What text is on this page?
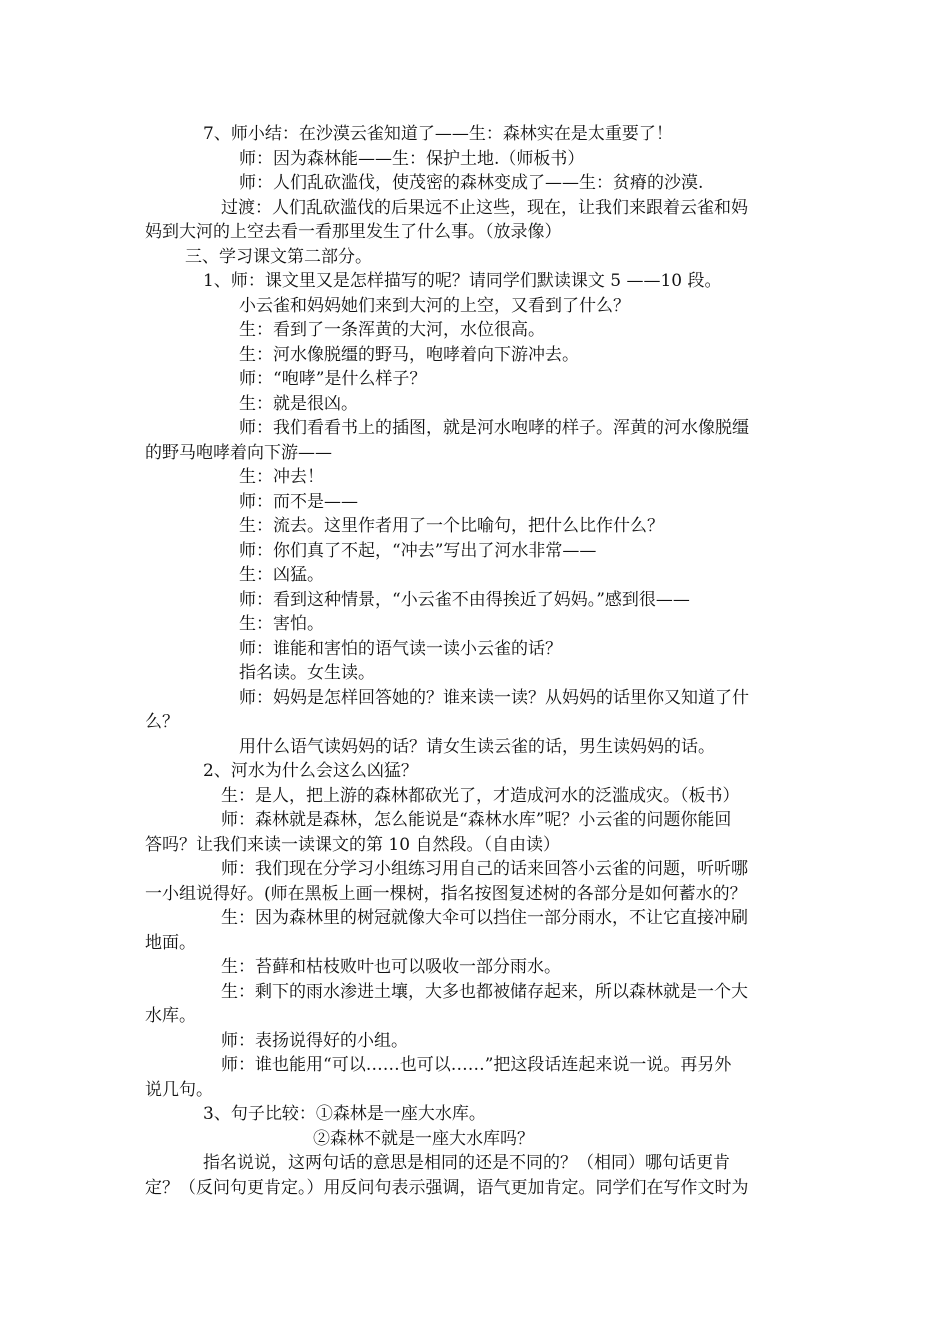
7、师小结：在沙漠云雀知道了——生：森林实在是太重要了！
师：因为森林能——生：保护土地.（师板书）
师：人们乱砍滥伐，使茂密的森林变成了——生：贫瘠的沙漠.
过渡：人们乱砍滥伐的后果远不止这些，现在，让我们来跟着云雀和妈
妈到大河的上空去看一看那里发生了什么事。（放录像）
三、学习课文第二部分。
1、师：课文里又是怎样描写的呢？请同学们默读课文 5 ——10 段。
小云雀和妈妈她们来到大河的上空，又看到了什么？
生：看到了一条浑黄的大河，水位很高。
生：河水像脱缰的野马，咆哮着向下游冲去。
师：“咆哮”是什么样子？
生：就是很凶。
师：我们看看书上的插图，就是河水咆哮的样子。浑黄的河水像脱缰
的野马咆哮着向下游——
生：冲去！
师：而不是——
生：流去。这里作者用了一个比喻句，把什么比作什么？
师：你们真了不起，“冲去”写出了河水非常——
生：凶猛。
师：看到这种情景，“小云雀不由得挨近了妈妈。”感到很——
生：害怕。
师：谁能和害怕的语气读一读小云雀的话？
指名读。女生读。
师：妈妈是怎样回答她的？谁来读一读？从妈妈的话里你又知道了什
么？
用什么语气读妈妈的话？请女生读云雀的话，男生读妈妈的话。
2、河水为什么会这么凶猛？
生：是人，把上游的森林都砍光了，才造成河水的泛滥成灾。（板书）
师：森林就是森林，怎么能说是“森林水库”呢？小云雀的问题你能回
答吗？让我们来读一读课文的第 10 自然段。（自由读）
师：我们现在分学习小组练习用自己的话来回答小云雀的问题，听听哪
一小组说得好。(师在黑板上画一棵树，指名按图复述树的各部分是如何蓄水的？
生：因为森林里的树冠就像大伞可以挡住一部分雨水，不让它直接冲刷
地面。
生：苔藓和枯枝败叶也可以吸收一部分雨水。
生：剩下的雨水渗进土壤，大多也都被储存起来，所以森林就是一个大
水库。
师：表扬说得好的小组。
师：谁也能用“可以……也可以……”把这段话连起来说一说。再另外
说几句。
3、句子比较：①森林是一座大水库。
②森林不就是一座大水库吗？
指名说说，这两句话的意思是相同的还是不同的？（相同）哪句话更肯
定？（反问句更肯定。）用反问句表示强调，语气更加肯定。同学们在写作文时为
